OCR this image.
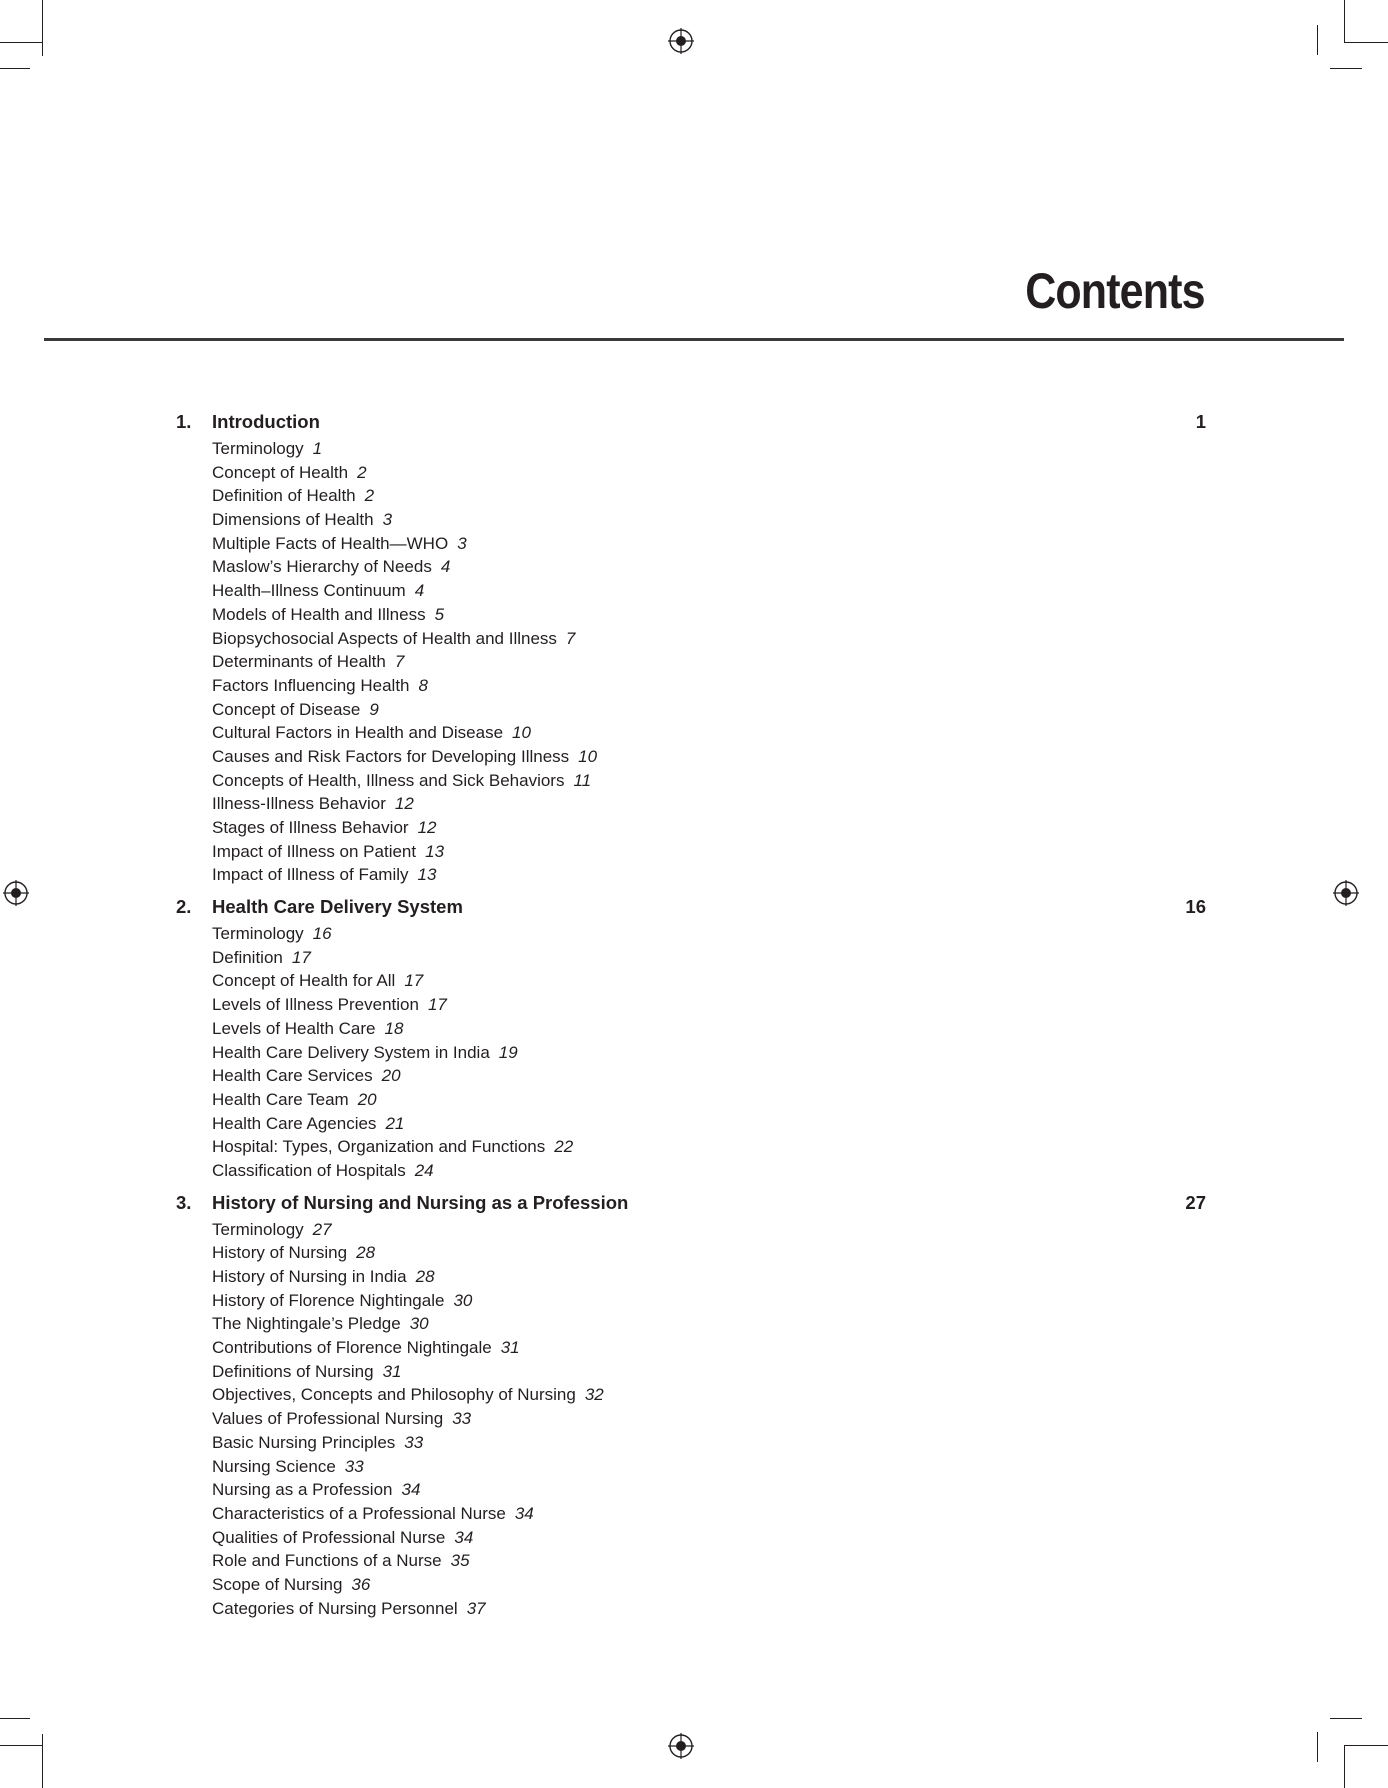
Contents
1.	Introduction	1
Terminology 1
Concept of Health 2
Definition of Health 2
Dimensions of Health 3
Multiple Facts of Health—WHO 3
Maslow’s Hierarchy of Needs 4
Health–Illness Continuum 4
Models of Health and Illness 5
Biopsychosocial Aspects of Health and Illness 7
Determinants of Health 7
Factors Influencing Health 8
Concept of Disease 9
Cultural Factors in Health and Disease 10
Causes and Risk Factors for Developing Illness 10
Concepts of Health, Illness and Sick Behaviors 11
Illness-Illness Behavior 12
Stages of Illness Behavior 12
Impact of Illness on Patient 13
Impact of Illness of Family 13
2.	Health Care Delivery System	16
Terminology 16
Definition 17
Concept of Health for All 17
Levels of Illness Prevention 17
Levels of Health Care 18
Health Care Delivery System in India 19
Health Care Services 20
Health Care Team 20
Health Care Agencies 21
Hospital: Types, Organization and Functions 22
Classification of Hospitals 24
3.	History of Nursing and Nursing as a Profession	27
Terminology 27
History of Nursing 28
History of Nursing in India 28
History of Florence Nightingale 30
The Nightingale’s Pledge 30
Contributions of Florence Nightingale 31
Definitions of Nursing 31
Objectives, Concepts and Philosophy of Nursing 32
Values of Professional Nursing 33
Basic Nursing Principles 33
Nursing Science 33
Nursing as a Profession 34
Characteristics of a Professional Nurse 34
Qualities of Professional Nurse 34
Role and Functions of a Nurse 35
Scope of Nursing 36
Categories of Nursing Personnel 37
